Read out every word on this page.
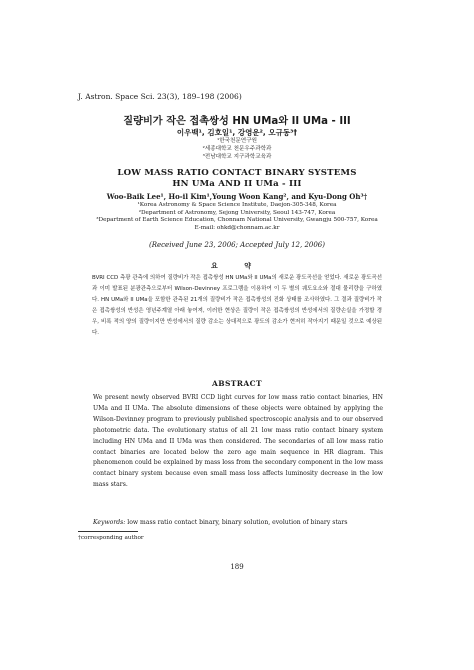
J. Astron. Space Sci. 23(3), 189–198 (2006)
질량비가 작은 접촉쌍성 HN UMa와 II UMa - III
이우백¹, 김호일¹, 강영운², 오규동³†
¹한국천문연구원
²세종대학교 천문우주과학과
³전남대학교 지구과학교육과
LOW MASS RATIO CONTACT BINARY SYSTEMS
HN UMa AND II UMa - III
Woo-Baik Lee¹, Ho-il Kim¹,Young Woon Kang², and Kyu-Dong Oh³†
¹Korea Astronomy & Space Science Institute, Daejon-305-348, Korea
²Department of Astronomy, Sejong University, Seoul 143-747, Korea
³Department of Earth Science Education, Chonnam National University, Gwangju 500-757, Korea
E-mail: ohkd@chonnam.ac.kr
(Received June 23, 2006; Accepted July 12, 2006)
요 약
BVRI CCD 측광 관측에 의하여 질량비가 작은 접촉쌍성 HN UMa와 II UMa의 새로운 광도곡선을 얻었다. 새로운 광도곡선과 이미 발표된 분광관측으로부터 Wilson-Devinney 프로그램을 이용하여 이 두 별의 궤도요소와 절대 물리량을 구하였다. HN UMa와 II UMa을 포함한 관측된 21개의 질량비가 작은 접촉쌍성의 진화 상태를 조사하였다. 그 결과 질량비가 작은 접촉쌍성의 반성은 영년주계열 아래 놓여져, 이러한 현상은 질량이 작은 접촉쌍성의 반성에서의 질량손실을 가정할 경우, 비록 적의 양의 질량이지만 반성에서의 질량 감소는 상대적으로 광도의 감소가 현저히 작아지기 때문일 것으로 예상된다.
ABSTRACT
We present newly observed BVRI CCD light curves for low mass ratio contact binaries, HN UMa and II UMa. The absolute dimensions of these objects were obtained by applying the Wilson-Devinney program to previously published spectroscopic analysis and to our observed photometric data. The evolutionary status of all 21 low mass ratio contact binary system including HN UMa and II UMa was then considered. The secondaries of all low mass ratio contact binaries are located below the zero age main sequence in HR diagram. This phenomenon could be explained by mass loss from the secondary component in the low mass contact binary system because even small mass loss affects luminosity decrease in the low mass stars.
Keywords: low mass ratio contact binary, binary solution, evolution of binary stars
†corresponding author
189
